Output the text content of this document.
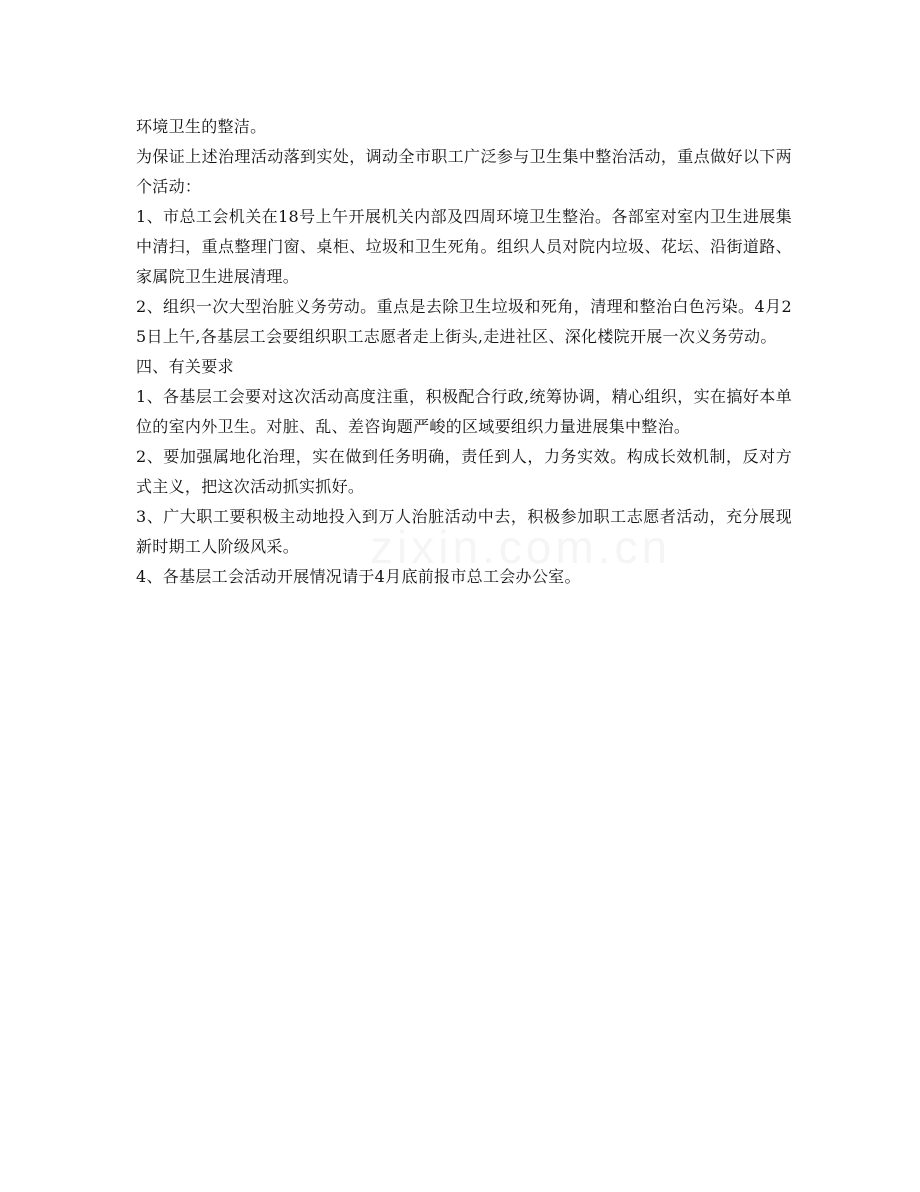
环境卫生的整洁。

为保证上述治理活动落到实处，调动全市职工广泛参与卫生集中整治活动，重点做好以下两个活动：

1、市总工会机关在18号上午开展机关内部及四周环境卫生整治。各部室对室内卫生进展集中清扫，重点整理门窗、桌柜、垃圾和卫生死角。组织人员对院内垃圾、花坛、沿街道路、家属院卫生进展清理。

2、组织一次大型治脏义务劳动。重点是去除卫生垃圾和死角，清理和整治白色污染。4月25日上午,各基层工会要组织职工志愿者走上街头,走进社区、深化楼院开展一次义务劳动。

四、有关要求

1、各基层工会要对这次活动高度注重，积极配合行政,统筹协调，精心组织，实在搞好本单位的室内外卫生。对脏、乱、差咨询题严峻的区域要组织力量进展集中整治。

2、要加强属地化治理，实在做到任务明确，责任到人，力务实效。构成长效机制，反对方式主义，把这次活动抓实抓好。

3、广大职工要积极主动地投入到万人治脏活动中去，积极参加职工志愿者活动，充分展现新时期工人阶级风采。

4、各基层工会活动开展情况请于4月底前报市总工会办公室。

zixin.com.cn
